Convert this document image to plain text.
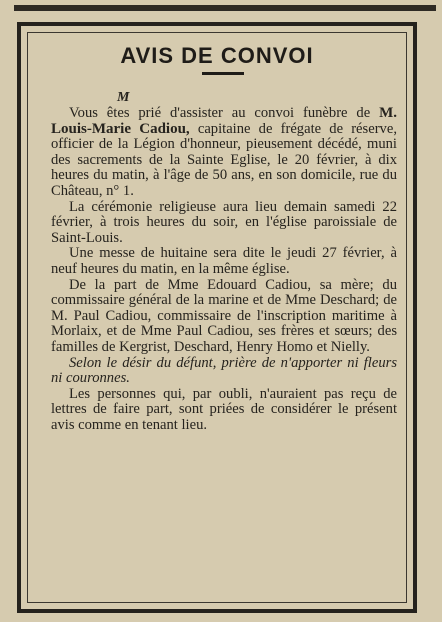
AVIS DE CONVOI
M

Vous êtes prié d'assister au convoi funèbre de M. Louis-Marie Cadiou, capitaine de frégate de réserve, officier de la Légion d'honneur, pieusement décédé, muni des sacrements de la Sainte Eglise, le 20 février, à dix heures du matin, à l'âge de 50 ans, en son domicile, rue du Château, n° 1.

La cérémonie religieuse aura lieu demain samedi 22 février, à trois heures du soir, en l'église paroissiale de Saint-Louis.

Une messe de huitaine sera dite le jeudi 27 février, à neuf heures du matin, en la même église.

De la part de Mme Edouard Cadiou, sa mère; du commissaire général de la marine et de Mme Deschard; de M. Paul Cadiou, commissaire de l'inscription maritime à Morlaix, et de Mme Paul Cadiou, ses frères et sœurs; des familles de Kergrist, Deschard, Henry Homo et Nielly.

Selon le désir du défunt, prière de n'apporter ni fleurs ni couronnes.

Les personnes qui, par oubli, n'auraient pas reçu de lettres de faire part, sont priées de considérer le présent avis comme en tenant lieu.
